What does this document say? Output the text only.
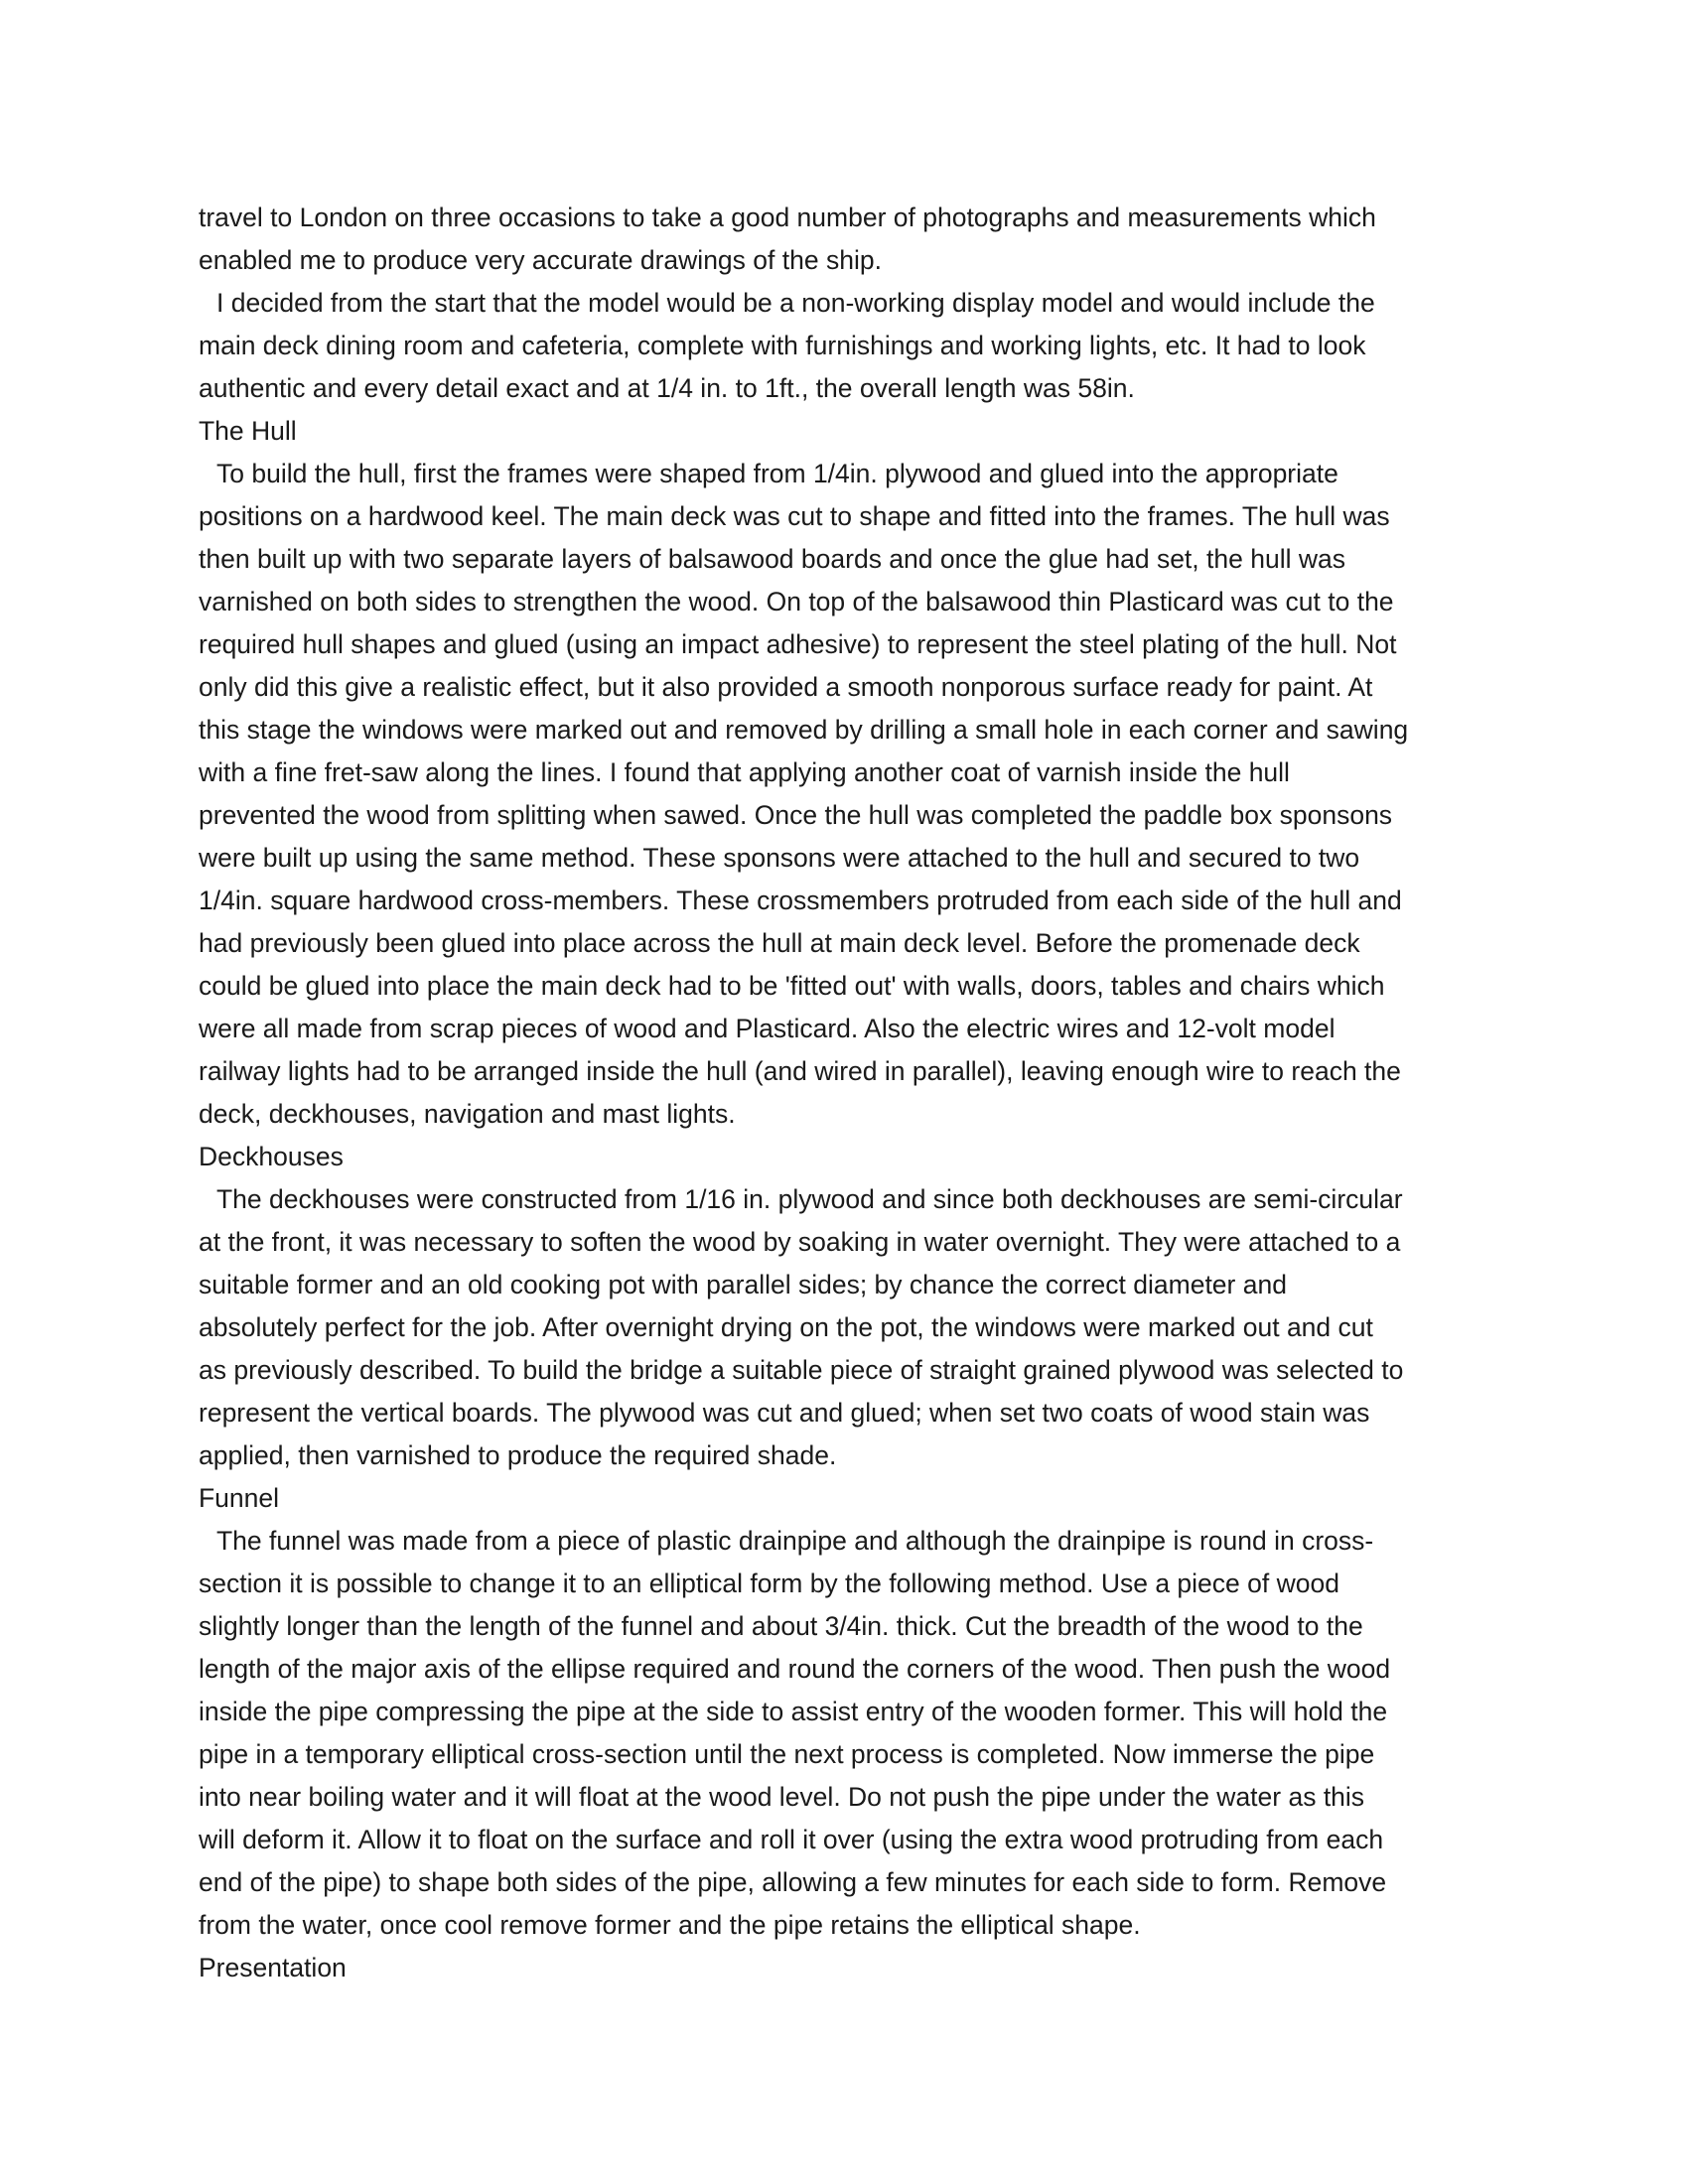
travel to London on three occasions to take a good number of photographs and measurements which
enabled me to produce very accurate drawings of the ship.
I decided from the start that the model would be a non-working display model and would include the
main deck dining room and cafeteria, complete with furnishings and working lights, etc. It had to look
authentic and every detail exact and at 1/4 in. to 1ft., the overall length was 58in.
The Hull
To build the hull, first the frames were shaped from 1/4in. plywood and glued into the appropriate
positions on a hardwood keel. The main deck was cut to shape and fitted into the frames. The hull was
then built up with two separate layers of balsawood boards and once the glue had set, the hull was
varnished on both sides to strengthen the wood. On top of the balsawood thin Plasticard was cut to the
required hull shapes and glued (using an impact adhesive) to represent the steel plating of the hull. Not
only did this give a realistic effect, but it also provided a smooth nonporous surface ready for paint. At
this stage the windows were marked out and removed by drilling a small hole in each corner and sawing
with a fine fret-saw along the lines. I found that applying another coat of varnish inside the hull
prevented the wood from splitting when sawed. Once the hull was completed the paddle box sponsons
were built up using the same method. These sponsons were attached to the hull and secured to two
1/4in. square hardwood cross-members. These crossmembers protruded from each side of the hull and
had previously been glued into place across the hull at main deck level. Before the promenade deck
could be glued into place the main deck had to be 'fitted out' with walls, doors, tables and chairs which
were all made from scrap pieces of wood and Plasticard. Also the electric wires and 12-volt model
railway lights had to be arranged inside the hull (and wired in parallel), leaving enough wire to reach the
deck, deckhouses, navigation and mast lights.
Deckhouses
The deckhouses were constructed from 1/16 in. plywood and since both deckhouses are semi-circular
at the front, it was necessary to soften the wood by soaking in water overnight. They were attached to a
suitable former and an old cooking pot with parallel sides; by chance the correct diameter and
absolutely perfect for the job. After overnight drying on the pot, the windows were marked out and cut
as previously described. To build the bridge a suitable piece of straight grained plywood was selected to
represent the vertical boards. The plywood was cut and glued; when set two coats of wood stain was
applied, then varnished to produce the required shade.
Funnel
The funnel was made from a piece of plastic drainpipe and although the drainpipe is round in cross-
section it is possible to change it to an elliptical form by the following method. Use a piece of wood
slightly longer than the length of the funnel and about 3/4in. thick. Cut the breadth of the wood to the
length of the major axis of the ellipse required and round the corners of the wood. Then push the wood
inside the pipe compressing the pipe at the side to assist entry of the wooden former. This will hold the
pipe in a temporary elliptical cross-section until the next process is completed. Now immerse the pipe
into near boiling water and it will float at the wood level. Do not push the pipe under the water as this
will deform it. Allow it to float on the surface and roll it over (using the extra wood protruding from each
end of the pipe) to shape both sides of the pipe, allowing a few minutes for each side to form. Remove
from the water, once cool remove former and the pipe retains the elliptical shape.
Presentation
